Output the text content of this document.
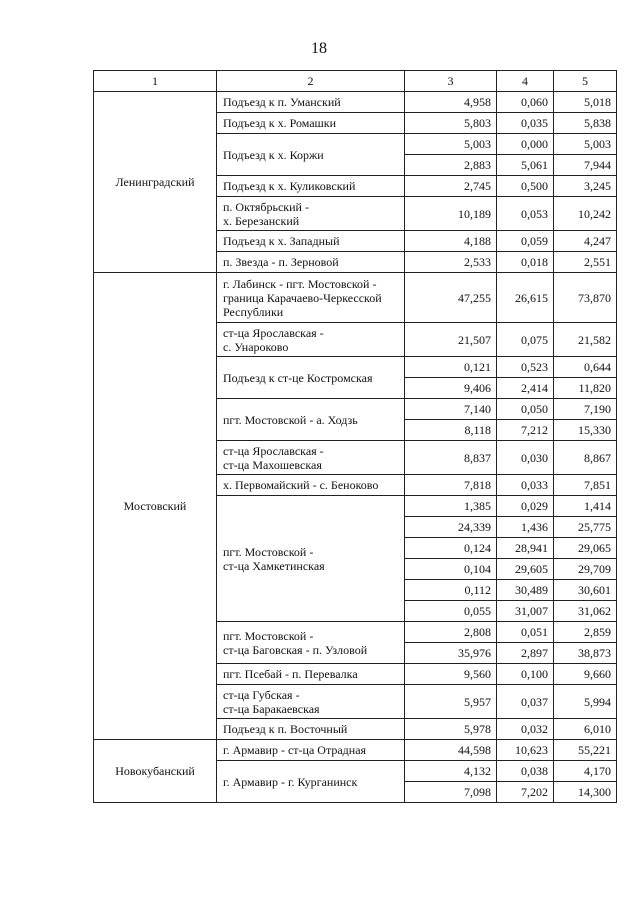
18
1	2	3	4	5
Ленинградский	Подъезд к п. Уманский	4,958	0,060	5,018
	Подъезд к х. Ромашки	5,803	0,035	5,838
	Подъезд к х. Коржи	5,003	0,000	5,003
		2,883	5,061	7,944
	Подъезд к х. Куликовский	2,745	0,500	3,245
	п. Октябрьский -
х. Березанский	10,189	0,053	10,242
	Подъезд к х. Западный	4,188	0,059	4,247
	п. Звезда - п. Зерновой	2,533	0,018	2,551
Мостовский	г. Лабинск - пгт. Мостовской -
граница Карачаево-Черкесской
Республики	47,255	26,615	73,870
	ст-ца Ярославская -
с. Унароково	21,507	0,075	21,582
	Подъезд к ст-це Костромская	0,121	0,523	0,644
		9,406	2,414	11,820
	пгт. Мостовской - а. Ходзь	7,140	0,050	7,190
		8,118	7,212	15,330
	ст-ца Ярославская -
ст-ца Махошевская	8,837	0,030	8,867
	х. Первомайский - с. Беноково	7,818	0,033	7,851
	пгт. Мостовской -
ст-ца Хамкетинская	1,385	0,029	1,414
		24,339	1,436	25,775
		0,124	28,941	29,065
		0,104	29,605	29,709
		0,112	30,489	30,601
		0,055	31,007	31,062
	пгт. Мостовской -
ст-ца Баговская - п. Узловой	2,808	0,051	2,859
		35,976	2,897	38,873
	пгт. Псебай - п. Перевалка	9,560	0,100	9,660
	ст-ца Губская -
ст-ца Баракаевская	5,957	0,037	5,994
	Подъезд к п. Восточный	5,978	0,032	6,010
Новокубанский	г. Армавир - ст-ца Отрадная	44,598	10,623	55,221
	г. Армавир - г. Курганинск	4,132	0,038	4,170
		7,098	7,202	14,300
